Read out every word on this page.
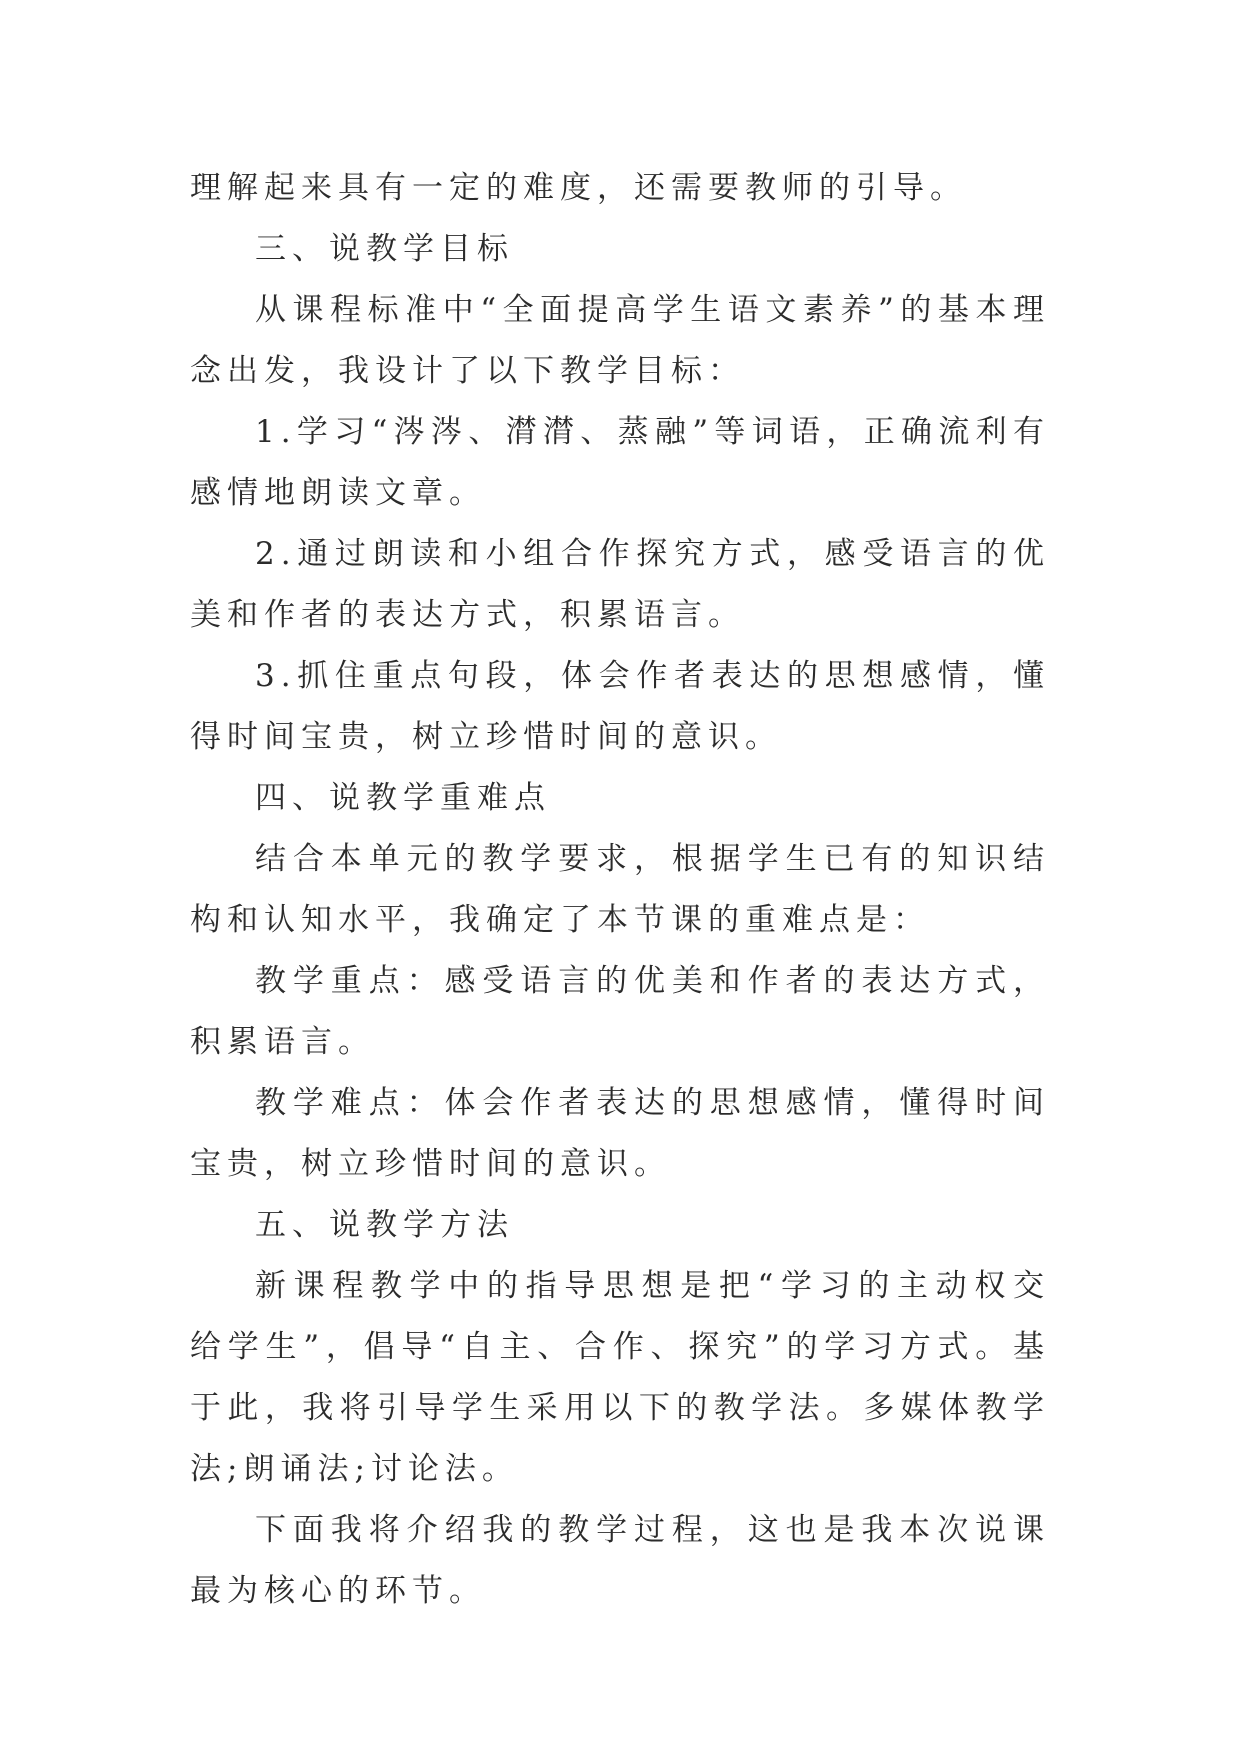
理解起来具有一定的难度，还需要教师的引导。

三、说教学目标

从课程标准中“全面提高学生语文素养”的基本理念出发，我设计了以下教学目标：

1.学习“涔涔、潸潸、蒸融”等词语，正确流利有感情地朗读文章。

2.通过朗读和小组合作探究方式，感受语言的优美和作者的表达方式，积累语言。

3.抓住重点句段，体会作者表达的思想感情，懂得时间宝贵，树立珍惜时间的意识。

四、说教学重难点

结合本单元的教学要求，根据学生已有的知识结构和认知水平，我确定了本节课的重难点是：

教学重点：感受语言的优美和作者的表达方式，积累语言。

教学难点：体会作者表达的思想感情，懂得时间宝贵，树立珍惜时间的意识。

五、说教学方法

新课程教学中的指导思想是把“学习的主动权交给学生”，倡导“自主、合作、探究”的学习方式。基于此，我将引导学生采用以下的教学法。多媒体教学法;朗诵法;讨论法。

下面我将介绍我的教学过程，这也是我本次说课最为核心的环节。
